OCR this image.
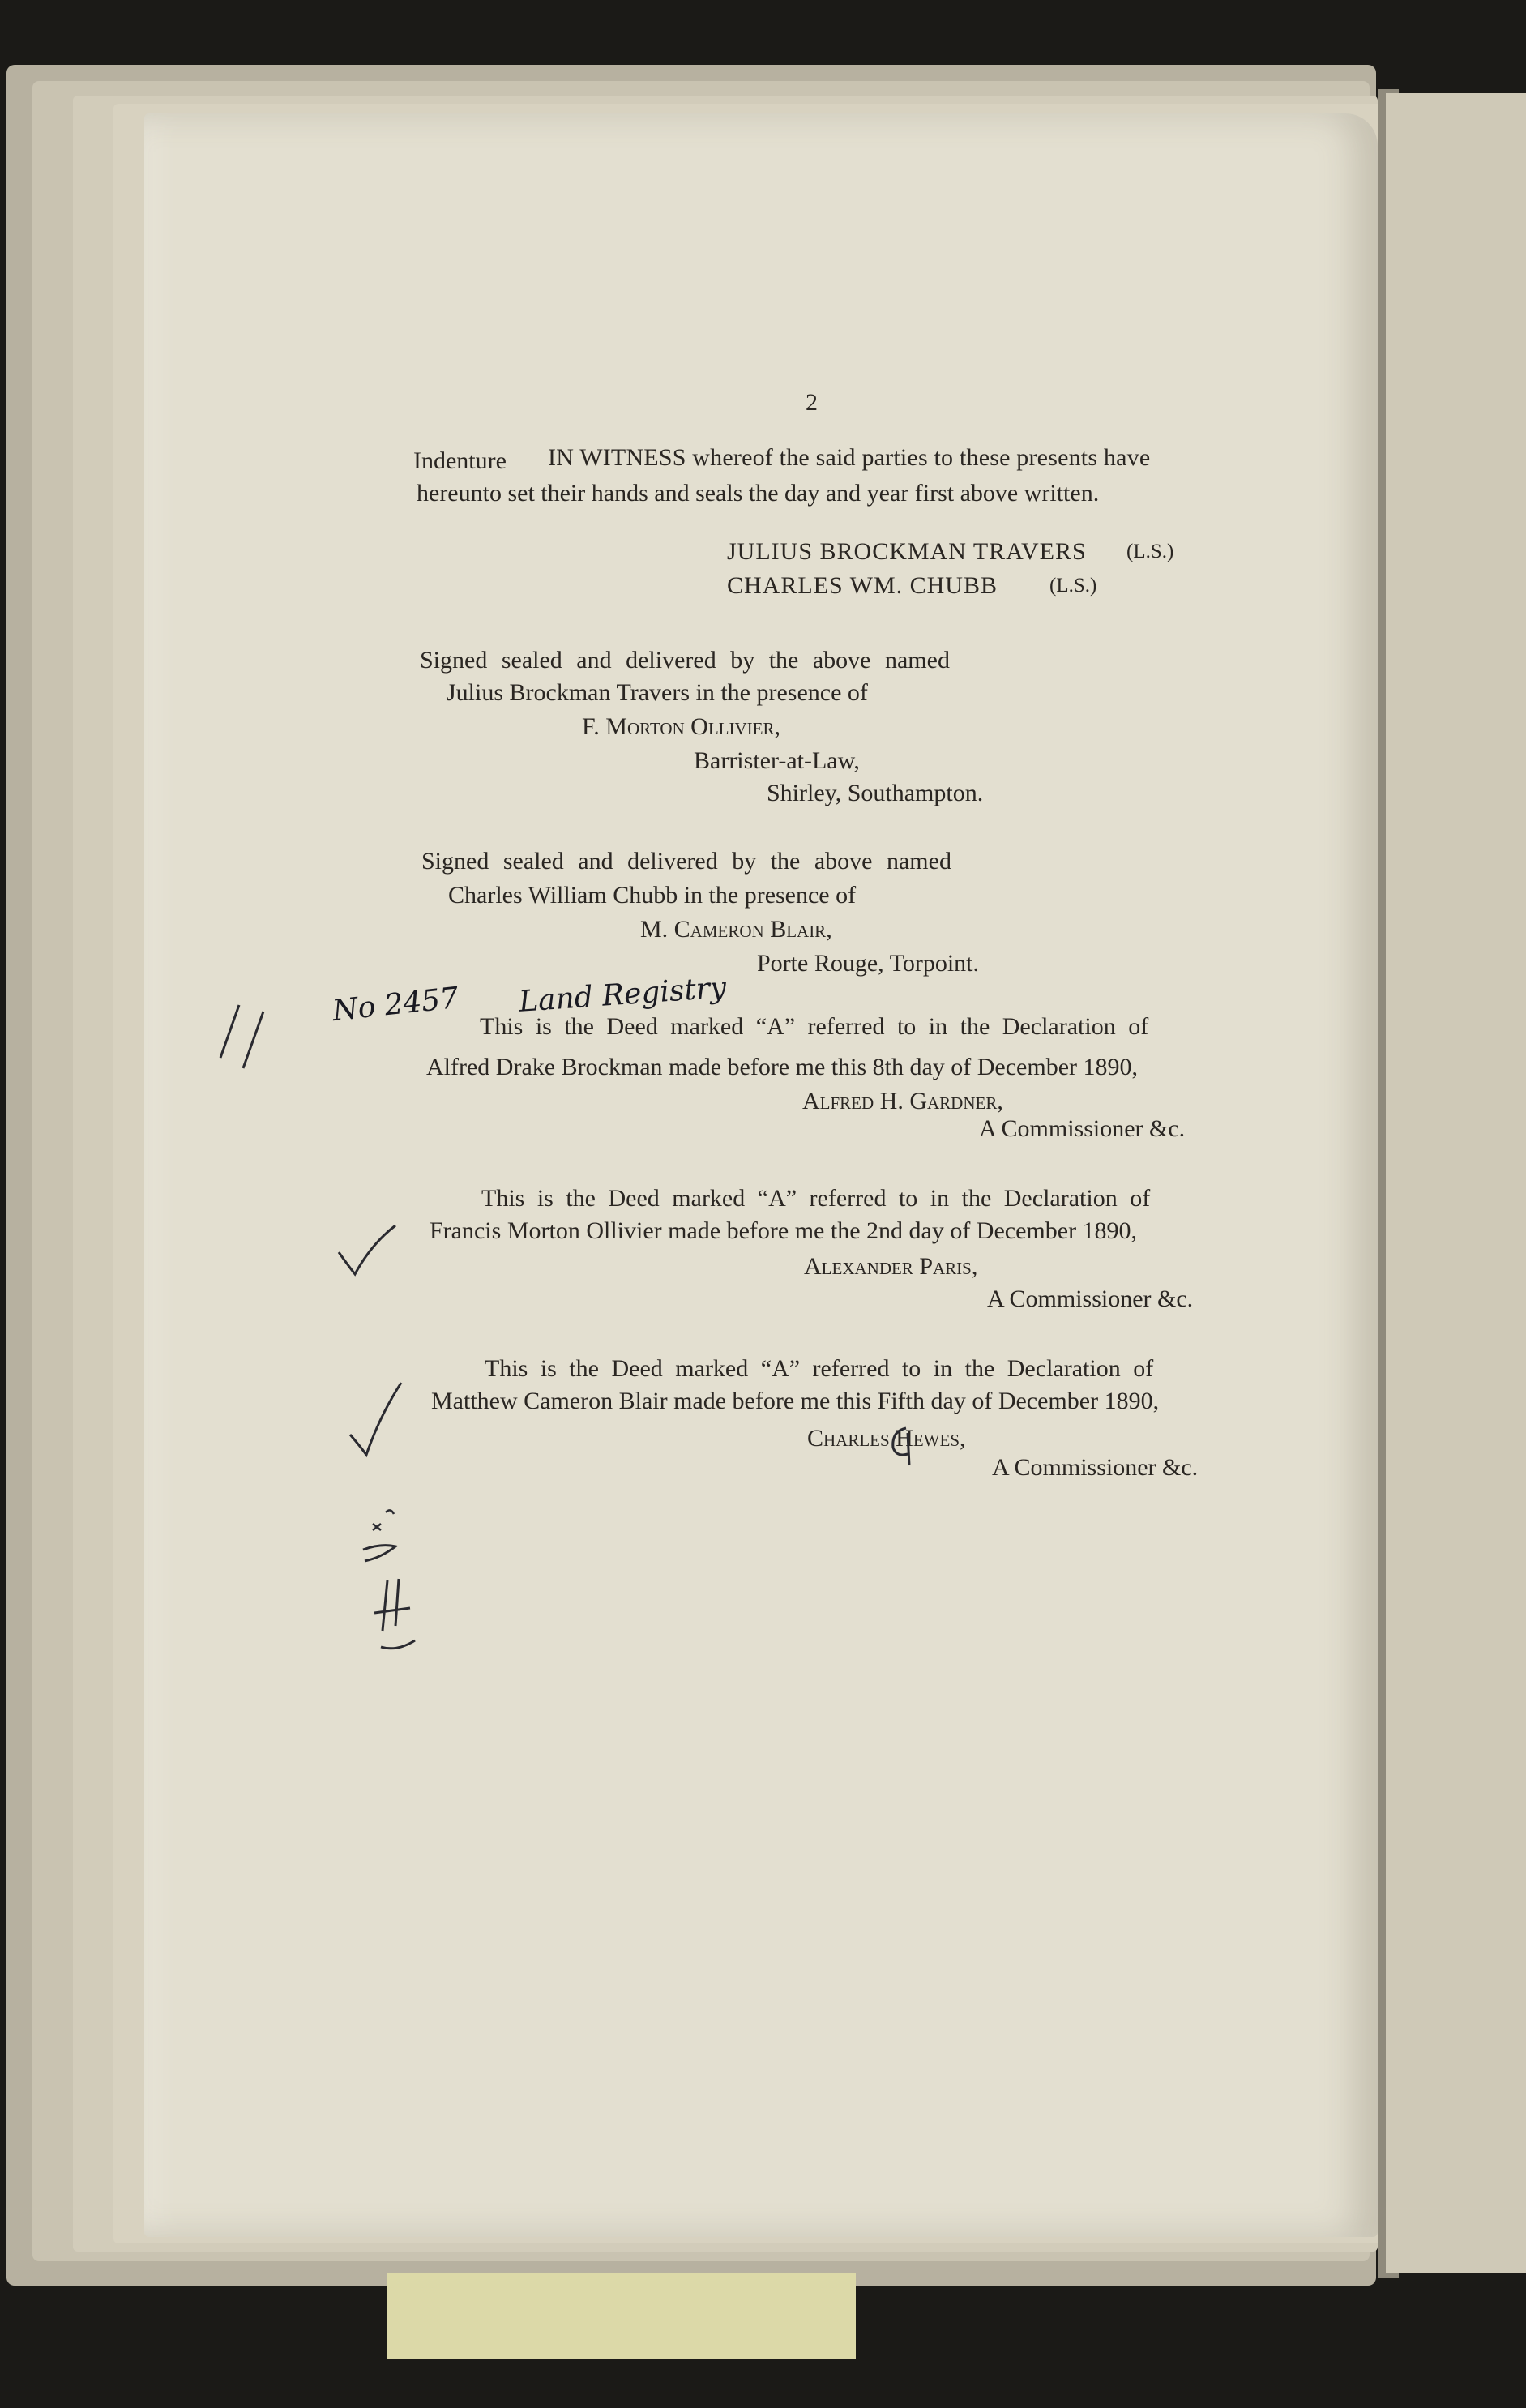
2
Indenture IN WITNESS whereof the said parties to these presents have
hereunto set their hands and seals the day and year first above written.
JULIUS BROCKMAN TRAVERS (L.S.)
CHARLES WM. CHUBB	(L.S.)
Signed sealed and delivered by the above named
Julius Brockman Travers in the presence of
F. Morton Ollivier,
Barrister-at-Law,
Shirley, Southampton.
Signed sealed and delivered by the above named
Charles William Chubb in the presence of
M. Cameron Blair,
Porte Rouge, Torpoint.
This is the Deed marked “A” referred to in the Declaration of
Alfred Drake Brockman made before me this 8th day of December 1890,
Alfred H. Gardner,
A Commissioner &c.
This is the Deed marked “A” referred to in the Declaration of
Francis Morton Ollivier made before me the 2nd day of December 1890,
Alexander Paris,
A Commissioner &c.
This is the Deed marked “A” referred to in the Declaration of
Matthew Cameron Blair made before me this Fifth day of December 1890,
Charles Hewes,
A Commissioner &c.
No 2457 Land Registry
